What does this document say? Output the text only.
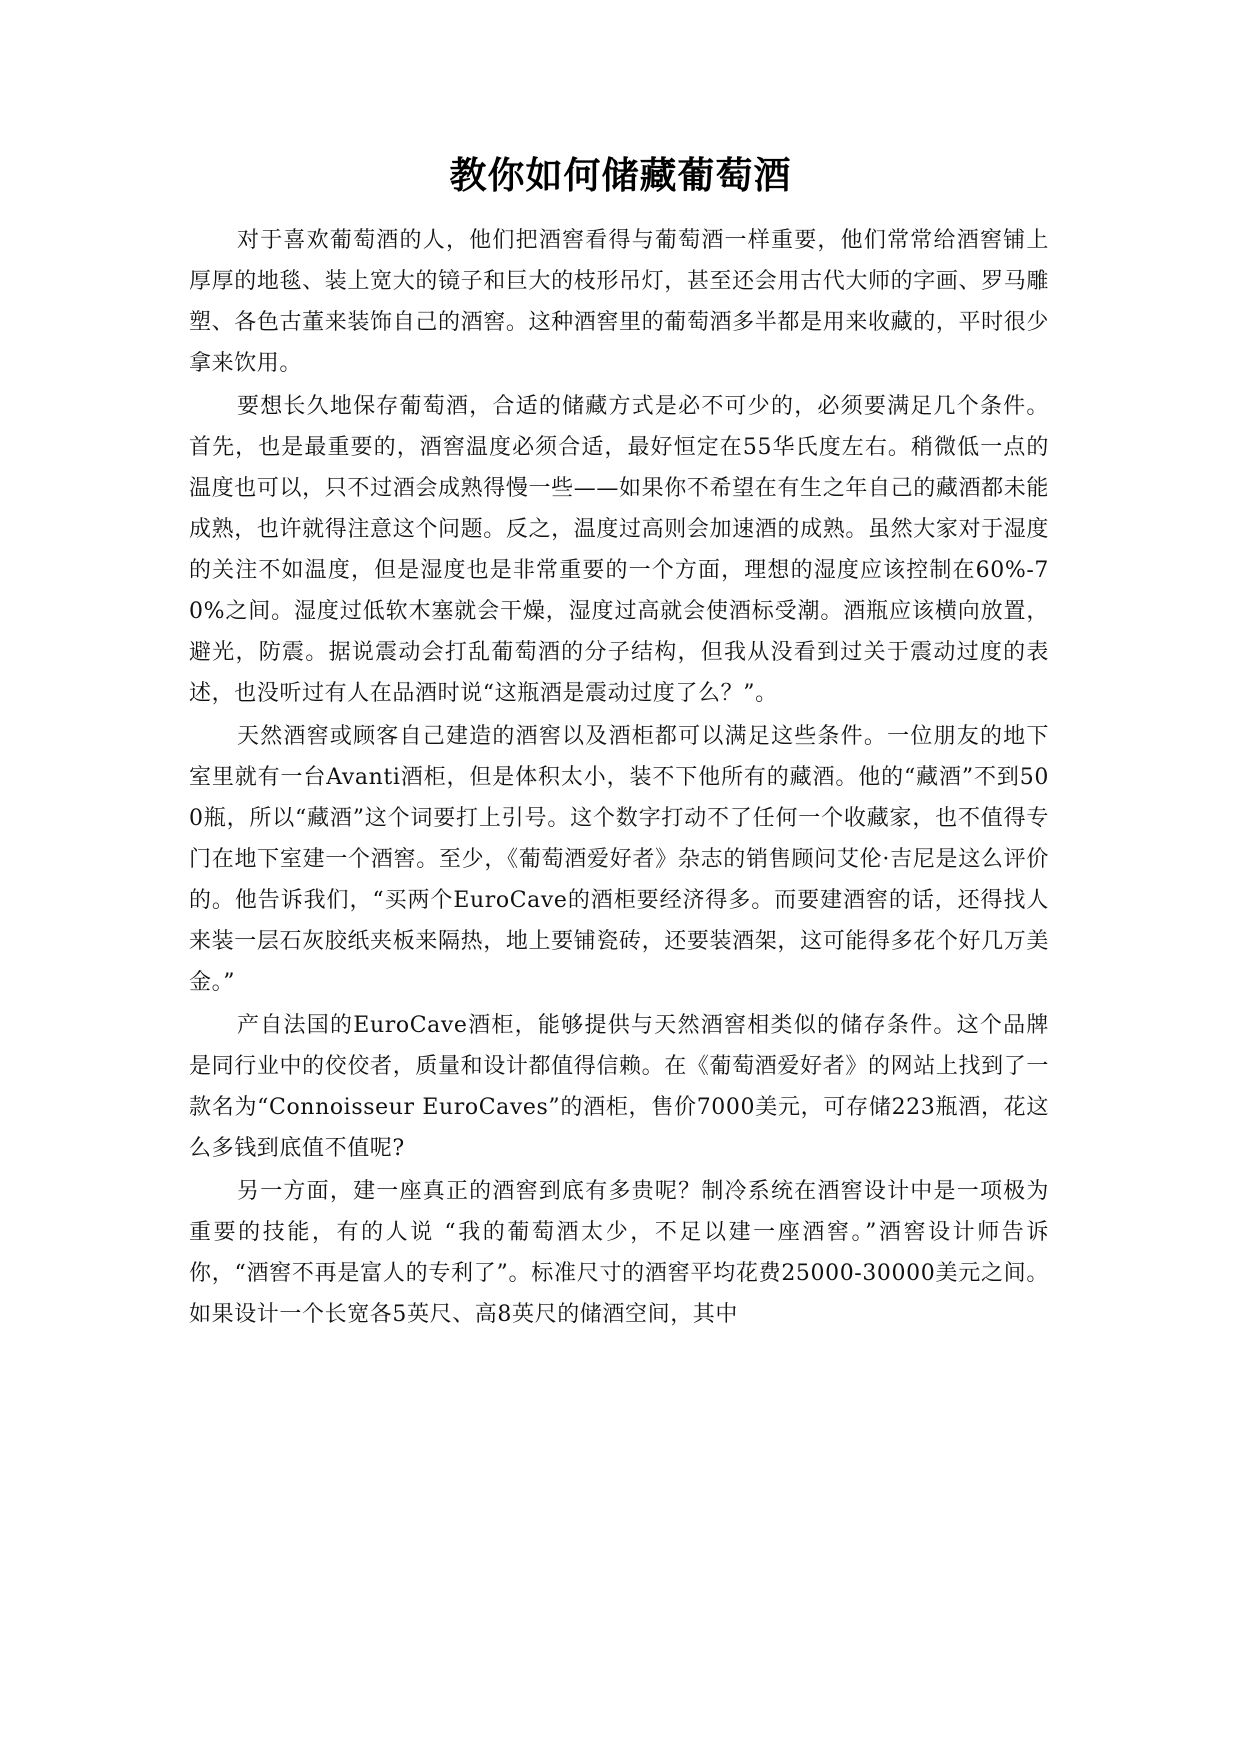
教你如何储藏葡萄酒

对于喜欢葡萄酒的人，他们把酒窖看得与葡萄酒一样重要，他们常常给酒窖铺上厚厚的地毯、装上宽大的镜子和巨大的枝形吊灯，甚至还会用古代大师的字画、罗马雕塑、各色古董来装饰自己的酒窖。这种酒窖里的葡萄酒多半都是用来收藏的，平时很少拿来饮用。

要想长久地保存葡萄酒，合适的储藏方式是必不可少的，必须要满足几个条件。首先，也是最重要的，酒窖温度必须合适，最好恒定在55华氏度左右。稍微低一点的温度也可以，只不过酒会成熟得慢一些——如果你不希望在有生之年自己的藏酒都未能成熟，也许就得注意这个问题。反之，温度过高则会加速酒的成熟。虽然大家对于湿度的关注不如温度，但是湿度也是非常重要的一个方面，理想的湿度应该控制在60%-70%之间。湿度过低软木塞就会干燥，湿度过高就会使酒标受潮。酒瓶应该横向放置，避光，防震。据说震动会打乱葡萄酒的分子结构，但我从没看到过关于震动过度的表述，也没听过有人在品酒时说“这瓶酒是震动过度了么？”。

天然酒窖或顾客自己建造的酒窖以及酒柜都可以满足这些条件。一位朋友的地下室里就有一台Avanti酒柜，但是体积太小，装不下他所有的藏酒。他的“藏酒”不到500瓶，所以“藏酒”这个词要打上引号。这个数字打动不了任何一个收藏家，也不值得专门在地下室建一个酒窖。至少，《葡萄酒爱好者》杂志的销售顾问艾伦·吉尼是这么评价的。他告诉我们，“买两个EuroCave的酒柜要经济得多。而要建酒窖的话，还得找人来装一层石灰胶纸夹板来隔热，地上要铺瓷砖，还要装酒架，这可能得多花个好几万美金。”

产自法国的EuroCave酒柜，能够提供与天然酒窖相类似的储存条件。这个品牌是同行业中的佼佼者，质量和设计都值得信赖。在《葡萄酒爱好者》的网站上找到了一款名为“Connoisseur EuroCaves”的酒柜，售价7000美元，可存储223瓶酒，花这么多钱到底值不值呢?

另一方面，建一座真正的酒窖到底有多贵呢？制冷系统在酒窖设计中是一项极为重要的技能，有的人说 “我的葡萄酒太少，不足以建一座酒窖。”酒窖设计师告诉你，“酒窖不再是富人的专利了”。标准尺寸的酒窖平均花费25000-30000美元之间。如果设计一个长宽各5英尺、高8英尺的储酒空间，其中
